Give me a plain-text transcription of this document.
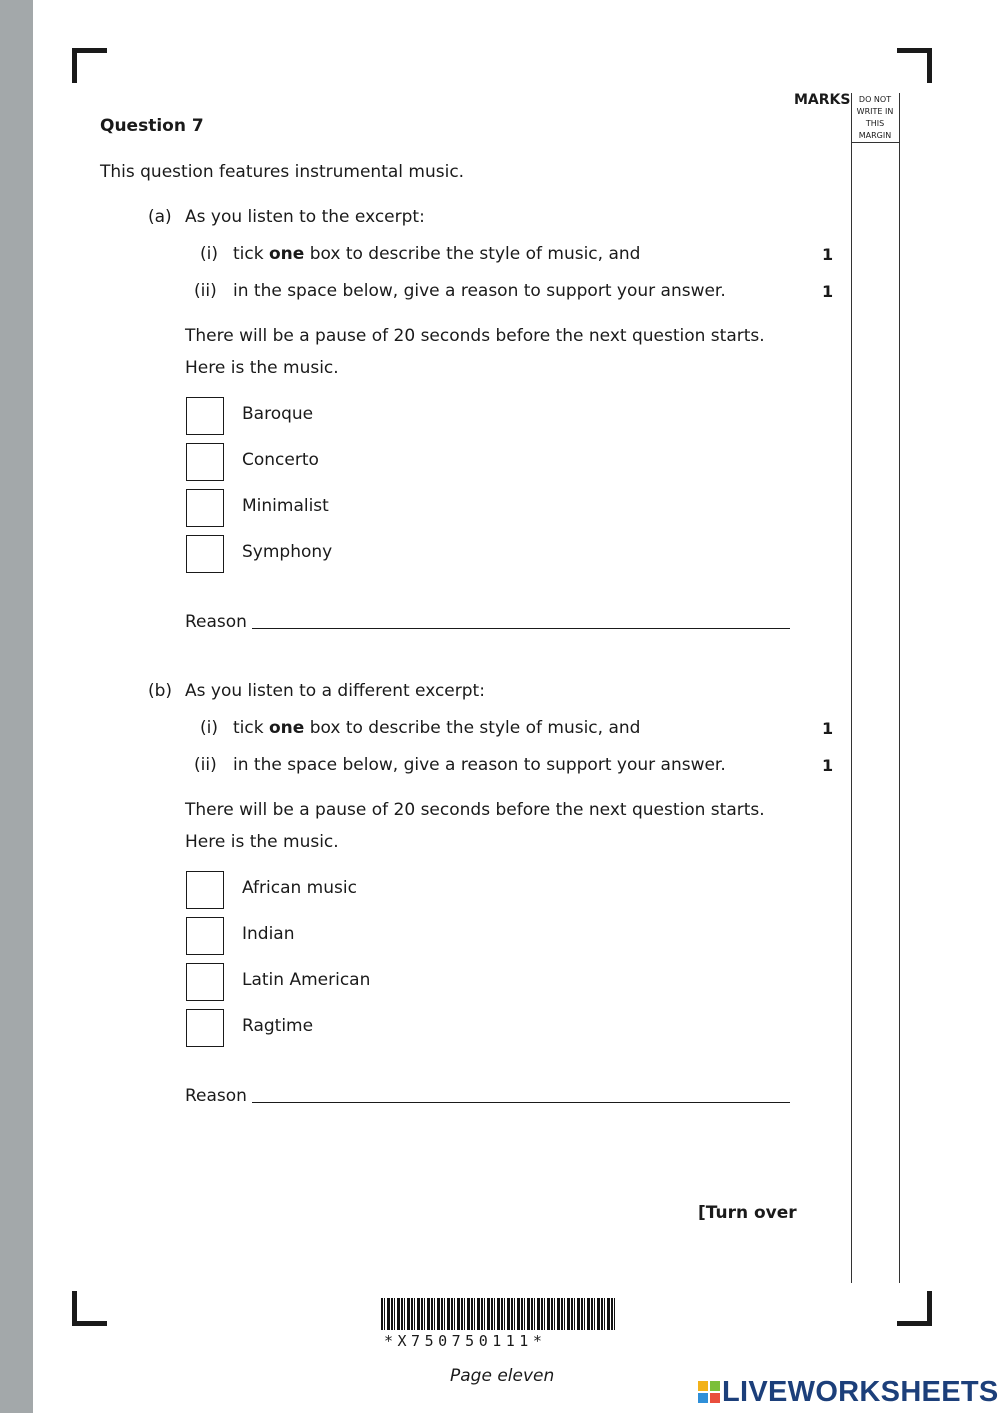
MARKS	DO NOT
WRITE IN
THIS
MARGIN
Question 7
This question features instrumental music.
(a) As you listen to the excerpt:
(i) tick one box to describe the style of music, and	1
(ii) in the space below, give a reason to support your answer.	1
There will be a pause of 20 seconds before the next question starts.
Here is the music.
Baroque
Concerto
Minimalist
Symphony
Reason
(b) As you listen to a different excerpt:
(i) tick one box to describe the style of music, and	1
(ii) in the space below, give a reason to support your answer.	1
There will be a pause of 20 seconds before the next question starts.
Here is the music.
African music
Indian
Latin American
Ragtime
Reason
[Turn over
*X750750111*
Page eleven	LIVEWORKSHEETS
